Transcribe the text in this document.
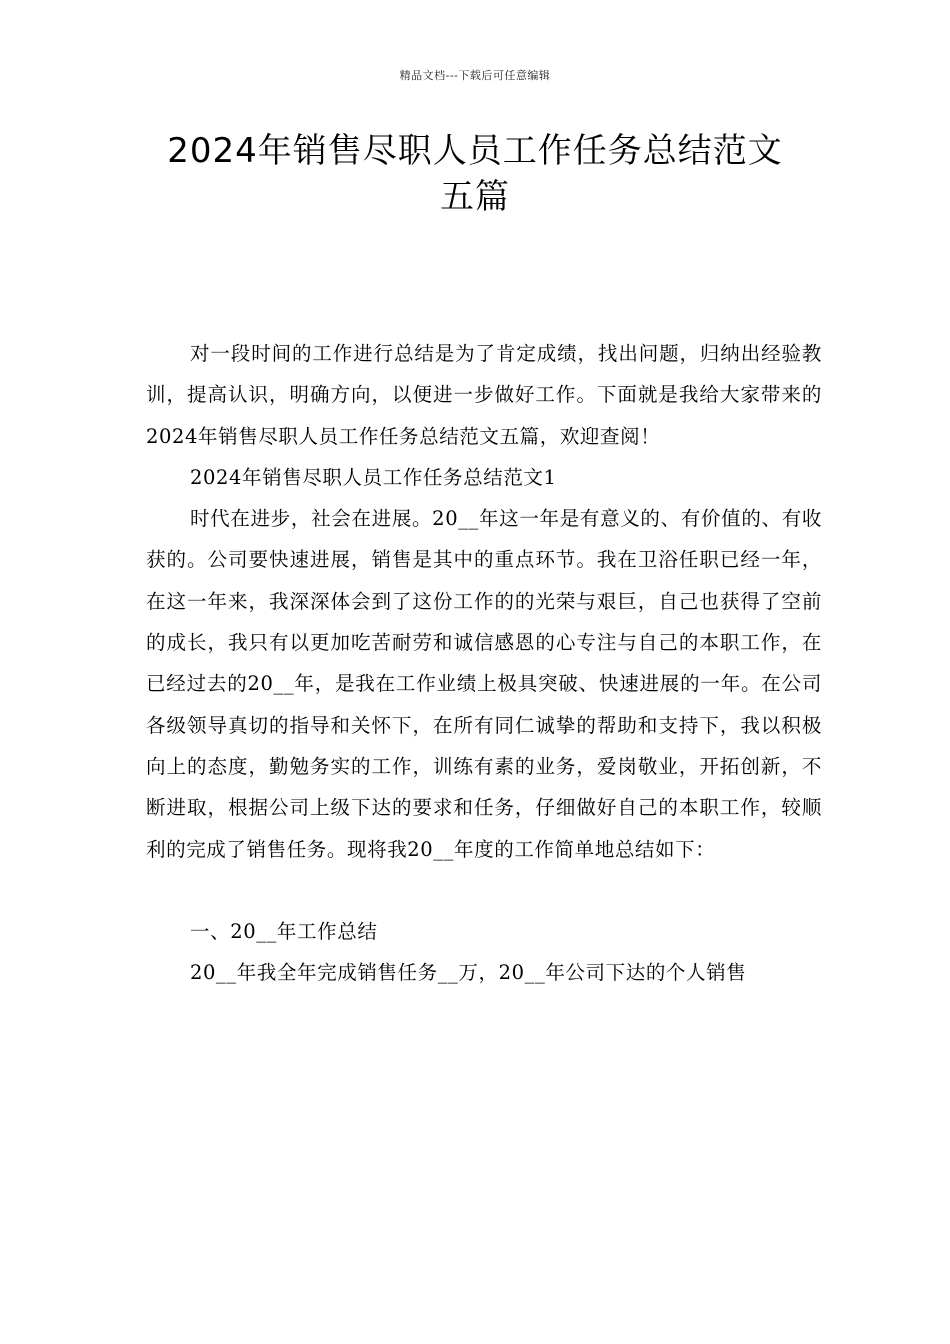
精品文档---下载后可任意编辑
2024年销售尽职人员工作任务总结范文
五篇

对一段时间的工作进行总结是为了肯定成绩，找出问题，归纳出经验教训，提高认识，明确方向，以便进一步做好工作。下面就是我给大家带来的2024年销售尽职人员工作任务总结范文五篇，欢迎查阅！

2024年销售尽职人员工作任务总结范文1

时代在进步，社会在进展。20__年这一年是有意义的、有价值的、有收获的。公司要快速进展，销售是其中的重点环节。我在卫浴任职已经一年，在这一年来，我深深体会到了这份工作的的光荣与艰巨，自己也获得了空前的成长，我只有以更加吃苦耐劳和诚信感恩的心专注与自己的本职工作，在已经过去的20__年，是我在工作业绩上极具突破、快速进展的一年。在公司各级领导真切的指导和关怀下，在所有同仁诚挚的帮助和支持下，我以积极向上的态度，勤勉务实的工作，训练有素的业务，爱岗敬业，开拓创新，不断进取，根据公司上级下达的要求和任务，仔细做好自己的本职工作，较顺利的完成了销售任务。现将我20__年度的工作简单地总结如下：

一、20__年工作总结

20__年我全年完成销售任务__万，20__年公司下达的个人销售
